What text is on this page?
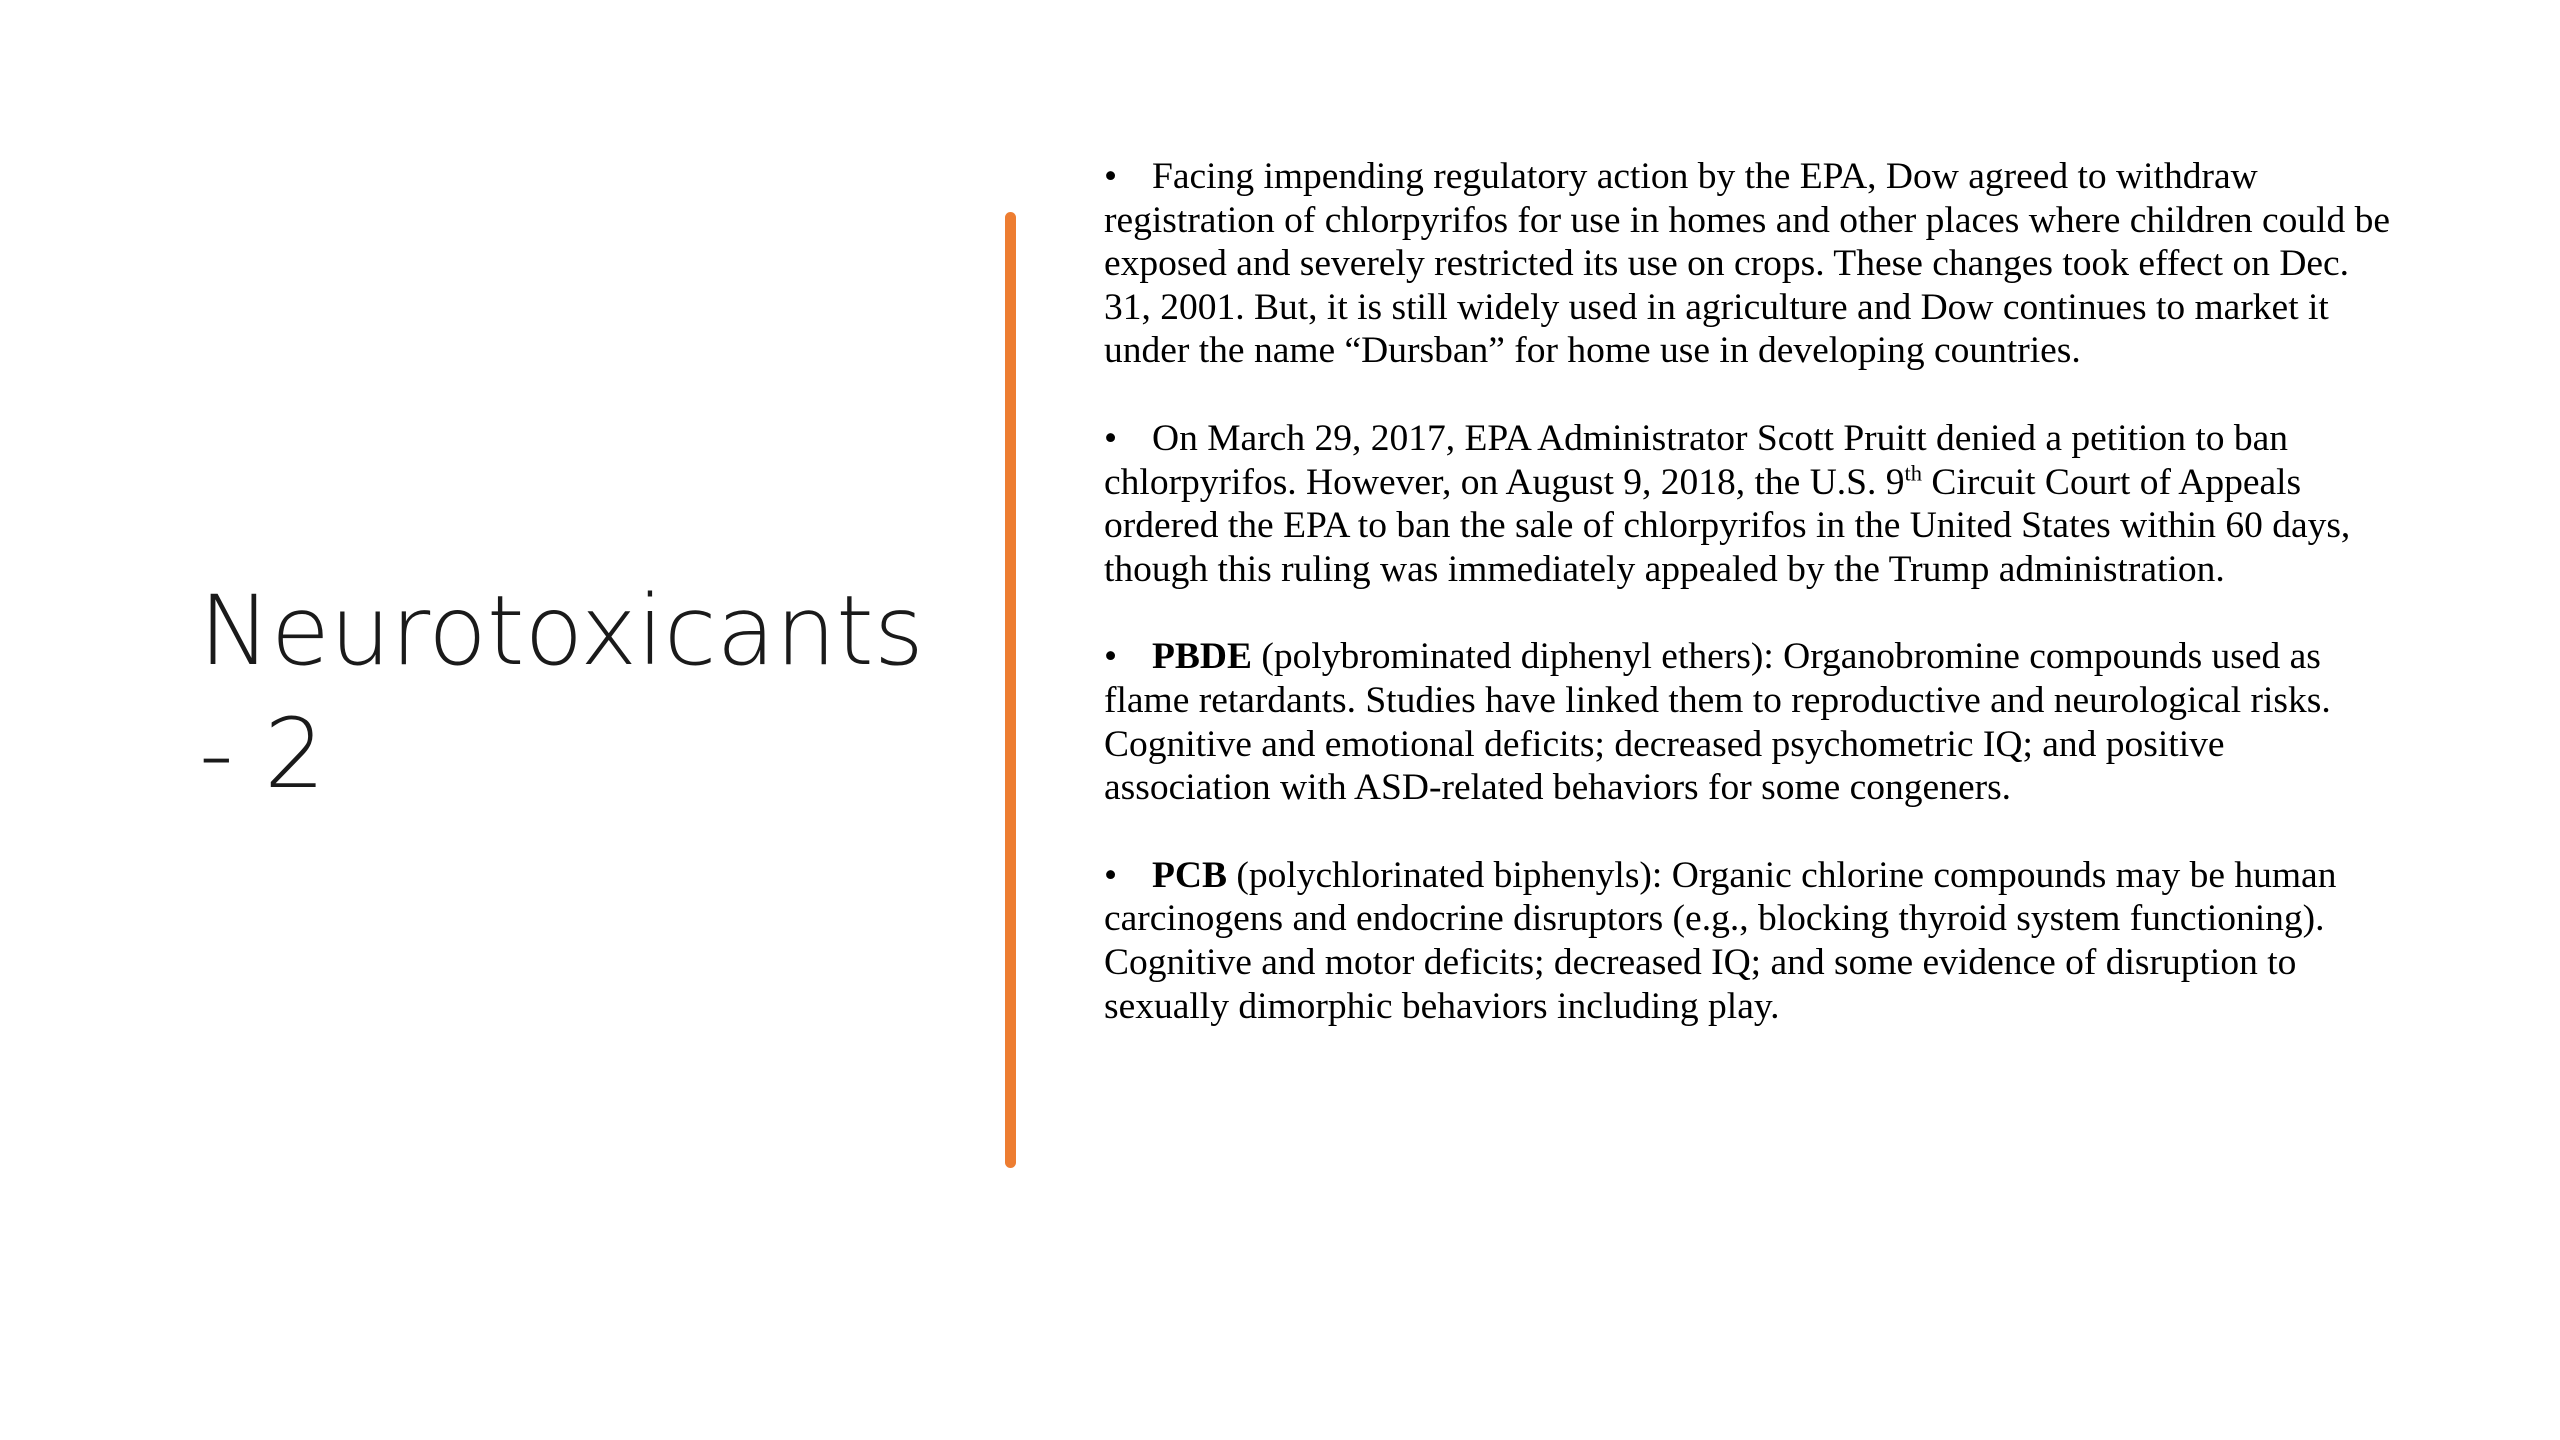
Neurotoxicants
- 2

• Facing impending regulatory action by the EPA, Dow agreed to withdraw registration of chlorpyrifos for use in homes and other places where children could be exposed and severely restricted its use on crops. These changes took effect on Dec. 31, 2001. But, it is still widely used in agriculture and Dow continues to market it under the name “Dursban” for home use in developing countries.

• On March 29, 2017, EPA Administrator Scott Pruitt denied a petition to ban chlorpyrifos. However, on August 9, 2018, the U.S. 9th Circuit Court of Appeals ordered the EPA to ban the sale of chlorpyrifos in the United States within 60 days, though this ruling was immediately appealed by the Trump administration.

• PBDE (polybrominated diphenyl ethers): Organobromine compounds used as flame retardants. Studies have linked them to reproductive and neurological risks. Cognitive and emotional deficits; decreased psychometric IQ; and positive association with ASD-related behaviors for some congeners.

• PCB (polychlorinated biphenyls): Organic chlorine compounds may be human carcinogens and endocrine disruptors (e.g., blocking thyroid system functioning). Cognitive and motor deficits; decreased IQ; and some evidence of disruption to sexually dimorphic behaviors including play.
